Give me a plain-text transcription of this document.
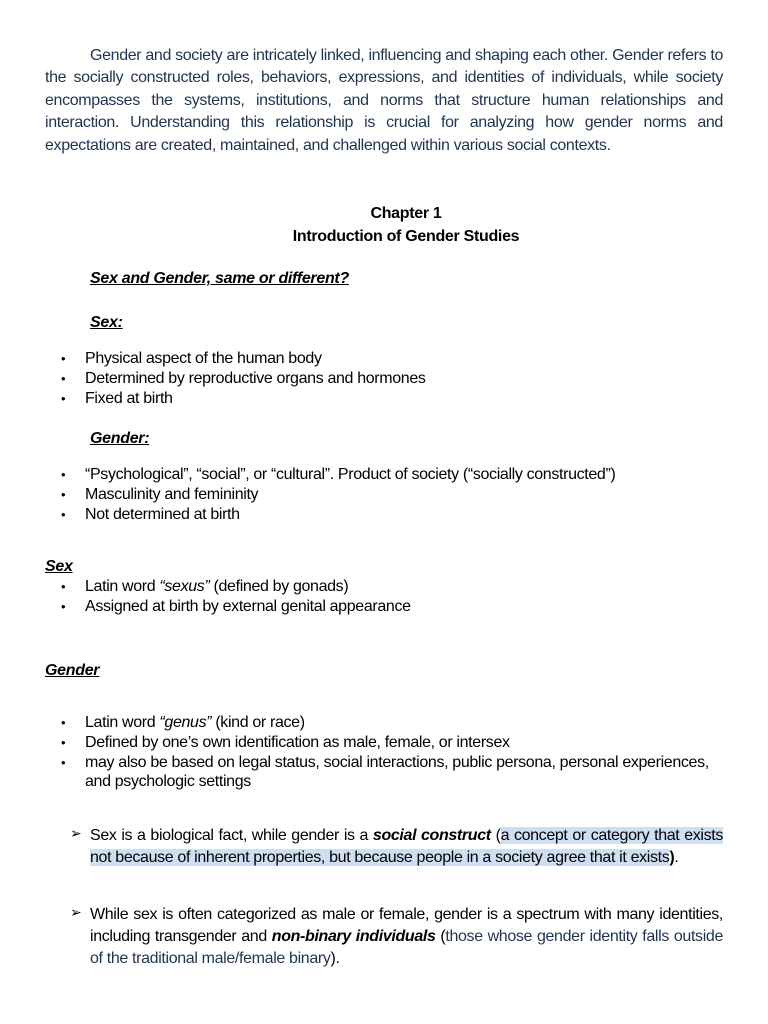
Gender and society are intricately linked, influencing and shaping each other. Gender refers to the socially constructed roles, behaviors, expressions, and identities of individuals, while society encompasses the systems, institutions, and norms that structure human relationships and interaction. Understanding this relationship is crucial for analyzing how gender norms and expectations are created, maintained, and challenged within various social contexts.

Chapter 1
Introduction of Gender Studies
Sex and Gender, same or different?
Sex:
• Physical aspect of the human body
• Determined by reproductive organs and hormones
• Fixed at birth
Gender:
• “Psychological”, “social”, or “cultural”. Product of society (“socially constructed”)
• Masculinity and femininity
• Not determined at birth
Sex
• Latin word “sexus” (defined by gonads)
• Assigned at birth by external genital appearance
Gender
• Latin word “genus” (kind or race)
• Defined by one’s own identification as male, female, or intersex
• may also be based on legal status, social interactions, public persona, personal experiences, and psychologic settings
➢ Sex is a biological fact, while gender is a social construct (a concept or category that exists not because of inherent properties, but because people in a society agree that it exists).
➢ While sex is often categorized as male or female, gender is a spectrum with many identities, including transgender and non-binary individuals (those whose gender identity falls outside of the traditional male/female binary).
